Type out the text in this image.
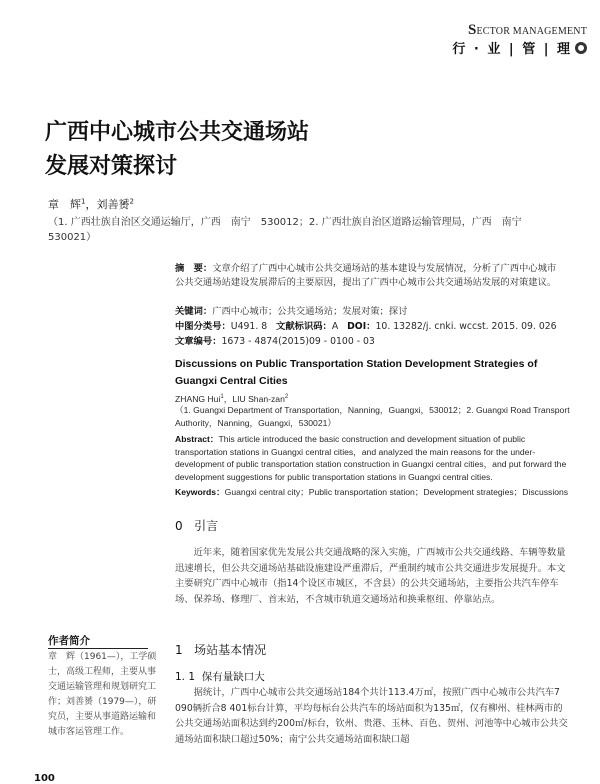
SECTOR MANAGEMENT
行 · 业 | 管 | 理
广西中心城市公共交通场站
发展对策探讨
章　辉$^1$，刘善赟$^2$
（1. 广西壮族自治区交通运输厅，广西　南宁　530012；2. 广西壮族自治区道路运输管理局，广西　南宁　530021）
摘　要：文章介绍了广西中心城市公共交通场站的基本建设与发展情况，分析了广西中心城市公共交通场站建设发展滞后的主要原因，提出了广西中心城市公共交通场站发展的对策建议。
关键词：广西中心城市；公共交通场站；发展对策；探讨
中图分类号：U491. 8 文献标识码：A DOI：10. 13282/j. cnki. wccst. 2015. 09. 026
文章编号：1673 - 4874(2015)09 - 0100 - 03
Discussions on Public Transportation Station Development Strategies of Guangxi Central Cities
ZHANG Hui$^1$，LIU Shan-zan$^2$
（1. Guangxi Department of Transportation，Nanning，Guangxi，530012；2. Guangxi Road Transport Authority，Nanning，Guangxi，530021）
Abstract：This article introduced the basic construction and development situation of public transportation stations in Guangxi central cities，and analyzed the main reasons for the under-development of public transportation station construction in Guangxi central cities，and put forward the development suggestions for public transportation stations in Guangxi central cities.
Keywords：Guangxi central city；Public transportation station；Development strategies；Discussions
0 引言
近年来，随着国家优先发展公共交通战略的深入实施，广西城市公共交通线路、车辆等数量迅速增长，但公共交通场站基础设施建设严重滞后，严重制约城市公共交通进步发展提升。本文主要研究广西中心城市（指14个设区市城区，不含县）的公共交通场站，主要指公共汽车停车场、保养场、修理厂、首末站，不含城市轨道交通场站和换乘枢纽、停靠站点。
1 场站基本情况
1. 1 保有量缺口大
据统计，广西中心城市公共交通场站184个共计113.4万㎡，按照广西中心城市公共汽车7 090辆折合8 401标台计算，平均每标台公共汽车的场站面积为135㎡，仅有柳州、桂林两市的公共交通场站面积达到约200㎡/标台，钦州、贵港、玉林、百色、贺州、河池等中心城市公共交通场站面积缺口超过50%；南宁公共交通场站面积缺口超
作者简介
章　辉（1961—），工学硕士，高级工程师，主要从事交通运输管理和规划研究工作；刘善赟（1979—），研究员，主要从事道路运输和城市客运管理工作。
100
